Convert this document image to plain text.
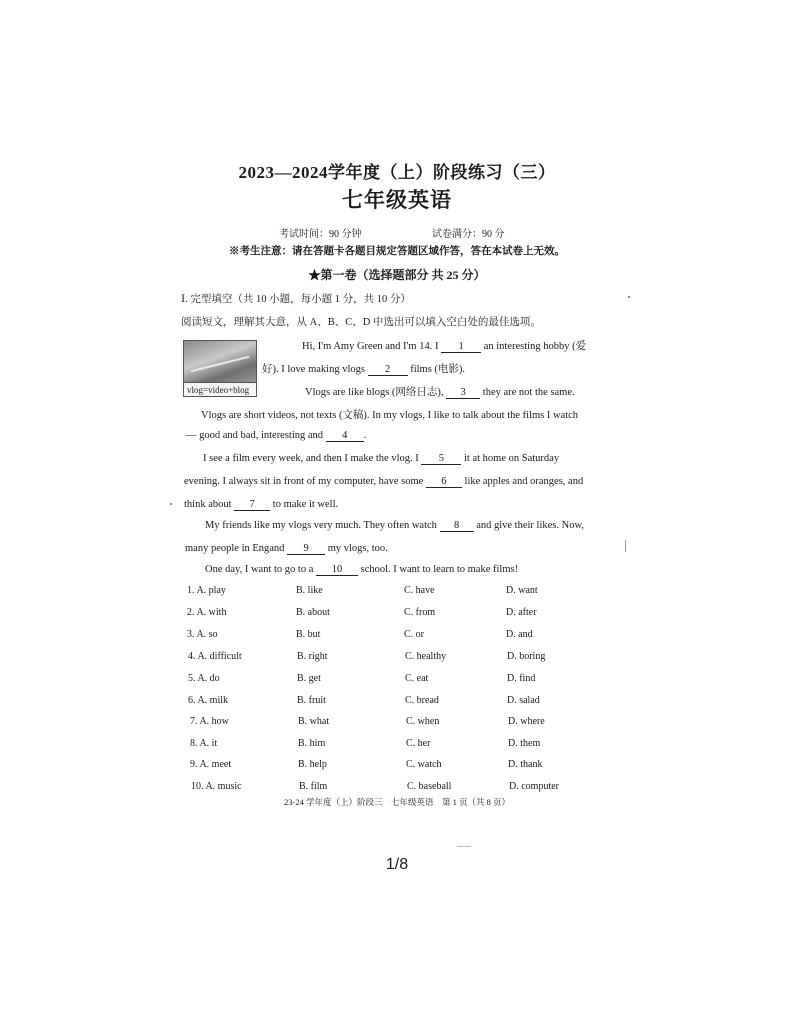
2023—2024学年度（上）阶段练习（三）
七年级英语
考试时间：90 分钟	试卷满分：90 分
※考生注意：请在答题卡各题目规定答题区域作答，答在本试卷上无效。
★第一卷（选择题部分 共 25 分）
Ⅰ. 完型填空（共 10 小题，每小题 1 分，共 10 分）
阅读短文，理解其大意，从 A、B、C、D 中选出可以填入空白处的最佳选项。
vlog=video+blog
Hi, I'm Amy Green and I'm 14. I 1 an interesting hobby (爱
好). I love making vlogs 2 films (电影).
Vlogs are like blogs (网络日志), 3 they are not the same.
Vlogs are short videos, not texts (文稿). In my vlogs, I like to talk about the films I watch
— good and bad, interesting and 4 .
I see a film every week, and then I make the vlog. I 5 it at home on Saturday
evening. I always sit in front of my computer, have some 6 like apples and oranges, and
think about 7 to make it well.
My friends like my vlogs very much. They often watch 8 and give their likes. Now,
many people in Engand 9 my vlogs, too.
One day, I want to go to a 10 school. I want to learn to make films!
1. A. play	B. like	C. have	D. want
2. A. with	B. about	C. from	D. after
3. A. so	B. but	C. or	D. and
4. A. difficult	B. right	C. healthy	D. boring
5. A. do	B. get	C. eat	D. find
6. A. milk	B. fruit	C. bread	D. salad
7. A. how	B. what	C. when	D. where
8. A. it	B. him	C. her	D. them
9. A. meet	B. help	C. watch	D. thank
10. A. music	B. film	C. baseball	D. computer
23-24 学年度（上）阶段三　七年级英语　第 1 页（共 8 页）
1/8
